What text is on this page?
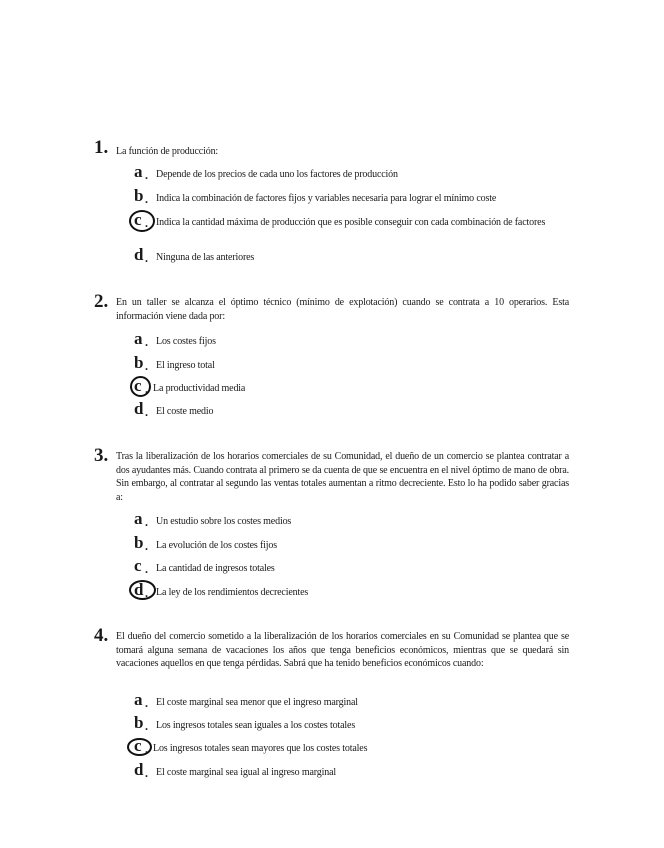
1. La función de producción:
a . Depende de los precios de cada uno los factores de producción
b . Indica la combinación de factores fijos y variables necesaria para lograr el mínimo coste
c . Indica la cantidad máxima de producción que es posible conseguir con cada combinación de factores
d . Ninguna de las anteriores
2. En un taller se alcanza el óptimo técnico (mínimo de explotación) cuando se contrata a 10 operarios. Esta información viene dada por:
a . Los costes fijos
b . El ingreso total
c . La productividad media
d . El coste medio
3. Tras la liberalización de los horarios comerciales de su Comunidad, el dueño de un comercio se plantea contratar a dos ayudantes más. Cuando contrata al primero se da cuenta de que se encuentra en el nivel óptimo de mano de obra. Sin embargo, al contratar al segundo las ventas totales aumentan a ritmo decreciente. Esto lo ha podido saber gracias a:
a . Un estudio sobre los costes medios
b . La evolución de los costes fijos
c . La cantidad de ingresos totales
d . La ley de los rendimientos decrecientes
4. El dueño del comercio sometido a la liberalización de los horarios comerciales en su Comunidad se plantea que se tomará alguna semana de vacaciones los años que tenga beneficios económicos, mientras que se quedará sin vacaciones aquellos en que tenga pérdidas. Sabrá que ha tenido beneficios económicos cuando:
a . El coste marginal sea menor que el ingreso marginal
b . Los ingresos totales sean iguales a los costes totales
c . Los ingresos totales sean mayores que los costes totales
d . El coste marginal sea igual al ingreso marginal
